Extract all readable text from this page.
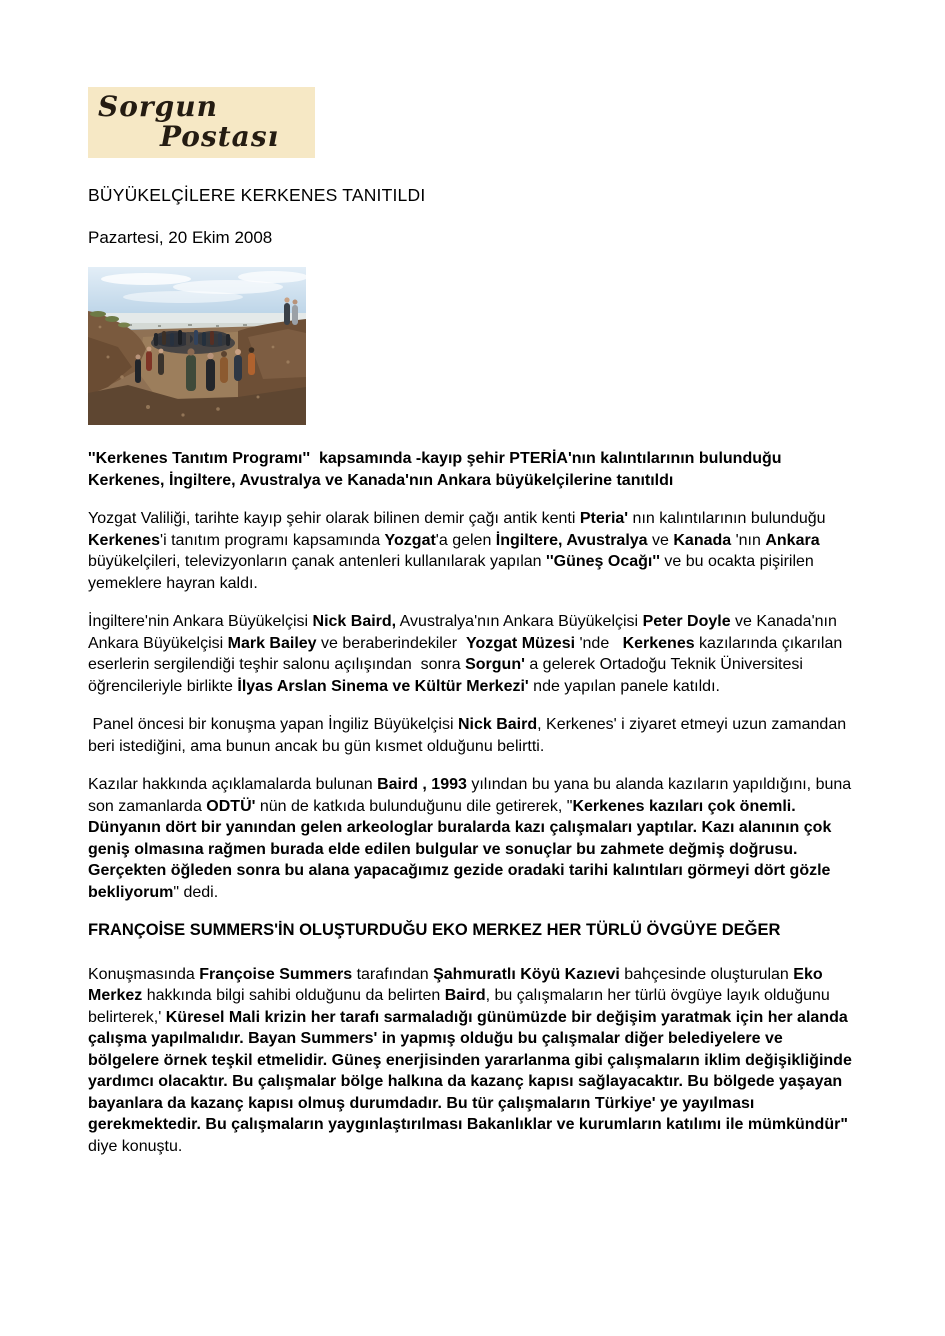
Sorgun
Postası
BÜYÜKELÇİLERE KERKENES TANITILDI
Pazartesi, 20 Ekim 2008

''Kerkenes Tanıtım Programı''  kapsamında -kayıp şehir PTERİA'nın kalıntılarının bulunduğu Kerkenes, İngiltere, Avustralya ve Kanada'nın Ankara büyükelçilerine tanıtıldı

Yozgat Valiliği, tarihte kayıp şehir olarak bilinen demir çağı antik kenti Pteria' nın kalıntılarının bulunduğu Kerkenes'i tanıtım programı kapsamında Yozgat'a gelen İngiltere, Avustralya ve Kanada 'nın Ankara büyükelçileri, televizyonların çanak antenleri kullanılarak yapılan ''Güneş Ocağı'' ve bu ocakta pişirilen yemeklere hayran kaldı.

İngiltere'nin Ankara Büyükelçisi Nick Baird, Avustralya'nın Ankara Büyükelçisi Peter Doyle ve Kanada'nın Ankara Büyükelçisi Mark Bailey ve beraberindekiler  Yozgat Müzesi 'nde   Kerkenes kazılarında çıkarılan  eserlerin sergilendiği teşhir salonu açılışından  sonra Sorgun' a gelerek Ortadoğu Teknik Üniversitesi  öğrencileriyle birlikte İlyas Arslan Sinema ve Kültür Merkezi' nde yapılan panele katıldı.

Panel öncesi bir konuşma yapan İngiliz Büyükelçisi Nick Baird, Kerkenes' i ziyaret etmeyi uzun zamandan beri istediğini, ama bunun ancak bu gün kısmet olduğunu belirtti.

Kazılar hakkında açıklamalarda bulunan Baird , 1993 yılından bu yana bu alanda kazıların yapıldığını, buna son zamanlarda ODTÜ' nün de katkıda bulunduğunu dile getirerek, "Kerkenes kazıları çok önemli. Dünyanın dört bir yanından gelen arkeologlar buralarda kazı çalışmaları yaptılar. Kazı alanının çok geniş olmasına rağmen burada elde edilen bulgular ve sonuçlar bu zahmete değmiş doğrusu. Gerçekten öğleden sonra bu alana yapacağımız gezide oradaki tarihi kalıntıları görmeyi dört gözle bekliyorum" dedi.

FRANÇOİSE SUMMERS'İN OLUŞTURDUĞU EKO MERKEZ HER TÜRLÜ ÖVGÜYE DEĞER

Konuşmasında Françoise Summers tarafından Şahmuratlı Köyü Kazıevi bahçesinde oluşturulan Eko Merkez hakkında bilgi sahibi olduğunu da belirten Baird, bu çalışmaların her türlü övgüye layık olduğunu belirterek,' Küresel Mali krizin her tarafı sarmaladığı günümüzde bir değişim yaratmak için her alanda çalışma yapılmalıdır. Bayan Summers' in yapmış olduğu bu çalışmalar diğer belediyelere ve bölgelere örnek teşkil etmelidir. Güneş enerjisinden yararlanma gibi çalışmaların iklim değişikliğinde yardımcı olacaktır. Bu çalışmalar bölge halkına da kazanç kapısı sağlayacaktır. Bu bölgede yaşayan bayanlara da kazanç kapısı olmuş durumdadır. Bu tür çalışmaların Türkiye' ye yayılması gerekmektedir. Bu çalışmaların yaygınlaştırılması Bakanlıklar ve kurumların katılımı ile mümkündür" diye konuştu.
